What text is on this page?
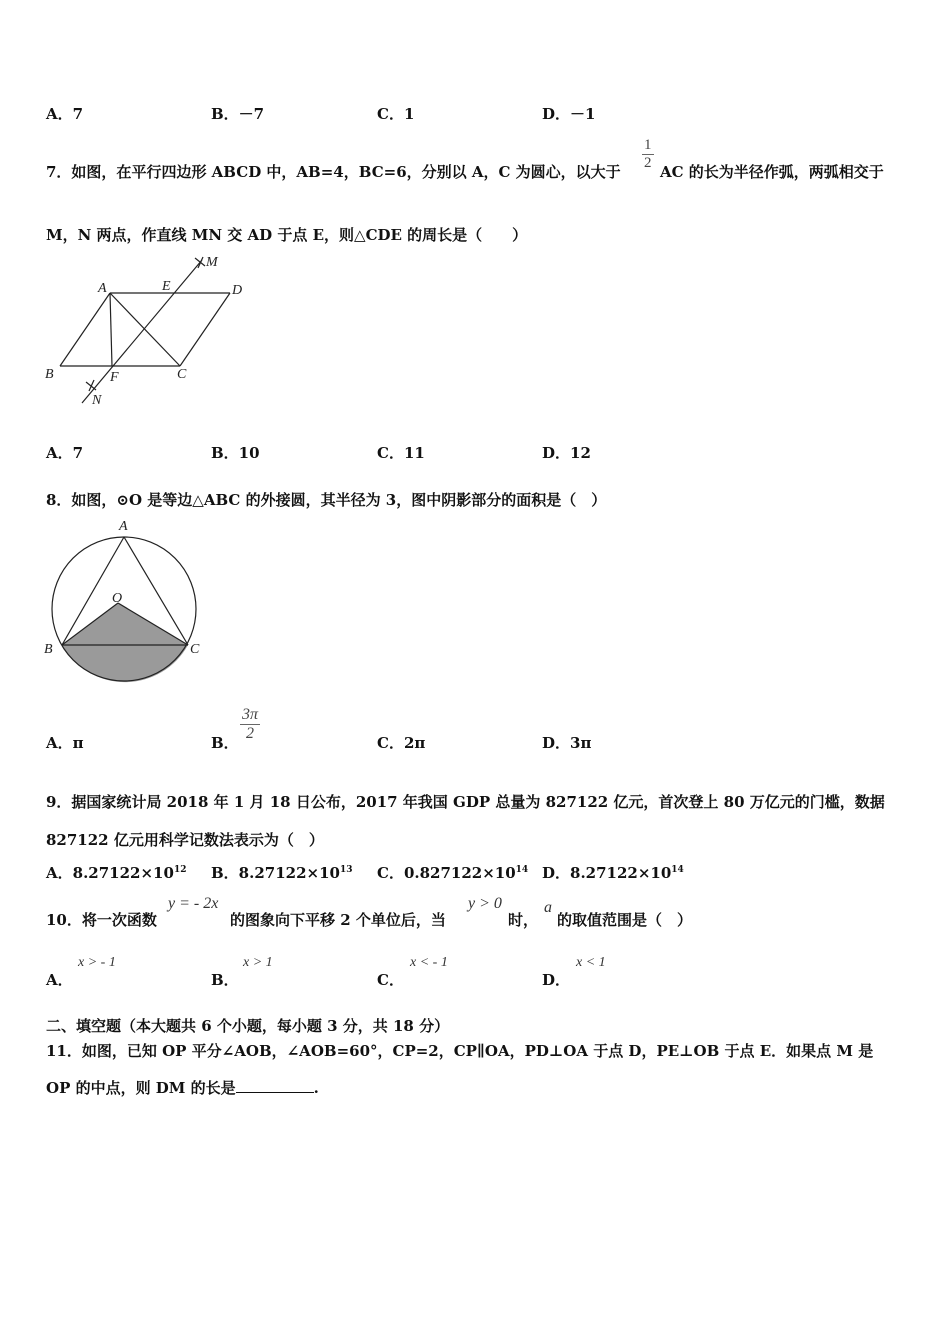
A．7	B．－7	C．1	D．－1
7．如图，在平行四边形 ABCD 中，AB=4，BC=6，分别以 A，C 为圆心，以大于 $\frac{1}{2}$ AC 的长为半径作弧，两弧相交于
M，N 两点，作直线 MN 交 AD 于点 E，则△CDE 的周长是（　　）
A	E	D
M
B	F	C
N
A．7	B．10	C．11	D．12
8．如图，⊙O 是等边△ABC 的外接圆，其半径为 3，图中阴影部分的面积是（　）
A
O
B	C
A．π	B． $\frac{3\pi}{2}$	C．2π	D．3π
9．据国家统计局 2018 年 1 月 18 日公布，2017 年我国 GDP 总量为 827122 亿元，首次登上 80 万亿元的门槛，数据
827122 亿元用科学记数法表示为（　）
A．$8.27122\times 10^{12}$ B．$8.27122\times 10^{13}$ C．$0.827122\times 10^{14}$ D．$8.27122\times 10^{14}$
10．将一次函数
y = - 2x
的图象向下平移 2 个单位后，当
y > 0
时，
a
的取值范围是（　）
A．
x > - 1
B．
x > 1
C．
x < - 1
D．
x < 1
二、填空题（本大题共 6 个小题，每小题 3 分，共 18 分）
11．如图，已知 OP 平分∠AOB，∠AOB=60°，CP=2，CP∥OA，PD⊥OA 于点 D，PE⊥OB 于点 E．如果点 M 是
OP 的中点，则 DM 的长是	.
